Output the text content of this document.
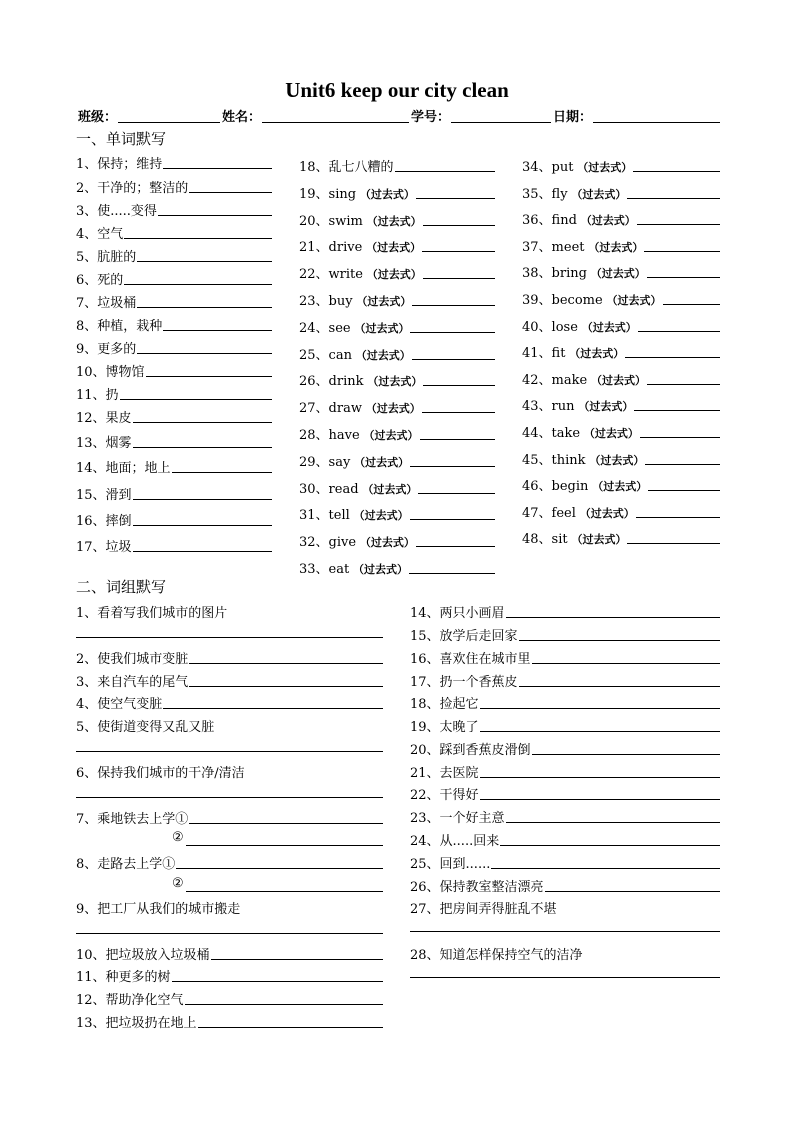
Unit6 keep our city clean
班级：	姓名：	学号：	日期：
一、单词默写
1、保持；维持
2、干净的；整洁的
3、使.....变得
4、空气
5、肮脏的
6、死的
7、垃圾桶
8、种植，栽种
9、更多的
10、博物馆
11、扔
12、果皮
13、烟雾
14、地面；地上
15、滑到
16、摔倒
17、垃圾
18、乱七八糟的
19、sing （过去式）
20、swim （过去式）
21、drive （过去式）
22、write （过去式）
23、buy （过去式）
24、see （过去式）
25、can （过去式）
26、drink （过去式）
27、draw （过去式）
28、have （过去式）
29、say （过去式）
30、read （过去式）
31、tell （过去式）
32、give （过去式）
33、eat （过去式）
34、put （过去式）
35、fly （过去式）
36、find （过去式）
37、meet （过去式）
38、bring （过去式）
39、become （过去式）
40、lose （过去式）
41、fit （过去式）
42、make （过去式）
43、run （过去式）
44、take （过去式）
45、think （过去式）
46、begin （过去式）
47、feel （过去式）
48、sit （过去式）
二、词组默写
1、看着写我们城市的图片
2、使我们城市变脏
3、来自汽车的尾气
4、使空气变脏
5、使街道变得又乱又脏
6、保持我们城市的干净/清洁
7、乘地铁去上学①
②
8、走路去上学①
②
9、把工厂从我们的城市搬走
10、把垃圾放入垃圾桶
11、种更多的树
12、帮助净化空气
13、把垃圾扔在地上
14、两只小画眉
15、放学后走回家
16、喜欢住在城市里
17、扔一个香蕉皮
18、捡起它
19、太晚了
20、踩到香蕉皮滑倒
21、去医院
22、干得好
23、一个好主意
24、从.....回来
25、回到......
26、保持教室整洁漂亮
27、把房间弄得脏乱不堪
28、知道怎样保持空气的洁净
